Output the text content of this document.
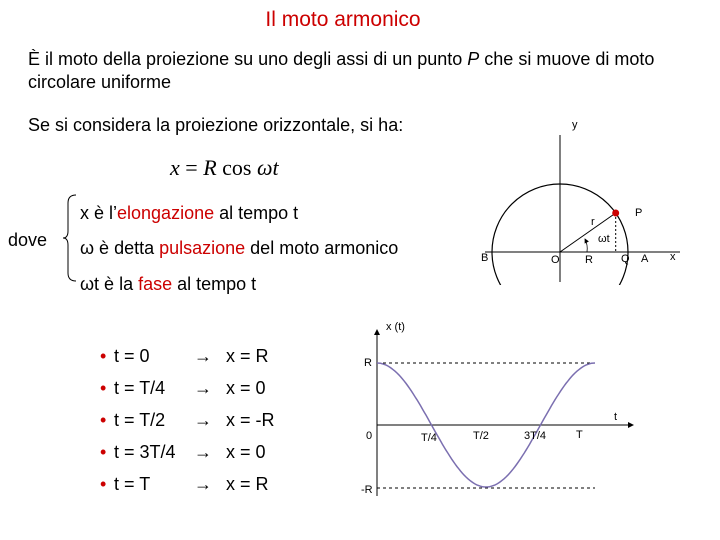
Il moto armonico
È il moto della proiezione su uno degli assi di un punto P che si muove di moto circolare uniforme
Se si considera la proiezione orizzontale, si ha:
x = R cos ωt
dove
x è l’elongazione al tempo t
ω è detta pulsazione del moto armonico
ωt è la fase al tempo t
y
x
P
r
ωt
B	O R	Q A
• t = 0	→ x = R
• t = T/4	→ x = 0
• t = T/2	→ x = -R
• t = 3T/4	→ x = 0
• t = T	→ x = R
x (t)
t
R
0
-R
T/4	T/2	3T/4	T
